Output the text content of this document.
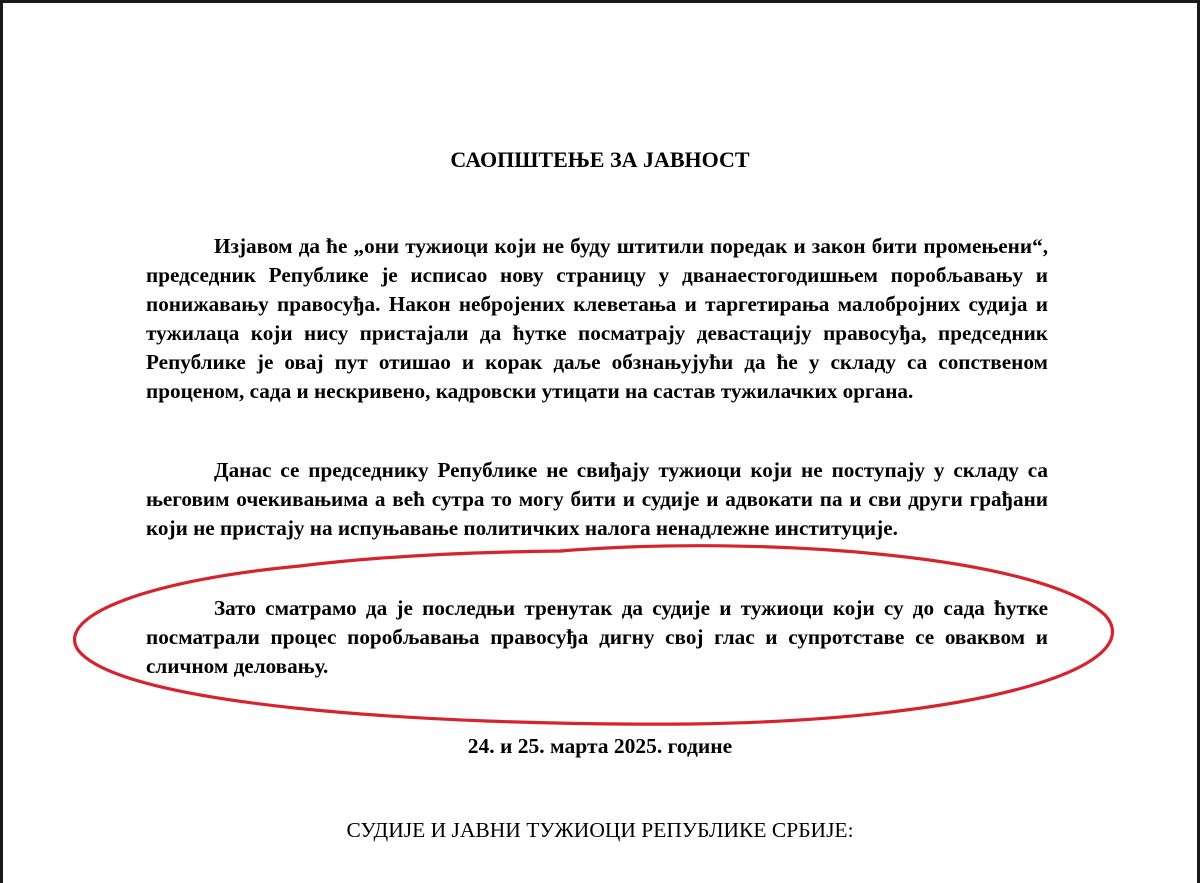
САОПШТЕЊЕ ЗА ЈАВНОСТ

Изјавом да ће „они тужиоци који не буду штитили поредак и закон бити промењени“, председник Републике је исписао нову страницу у дванаестогодишњем поробљавању и понижавању правосуђа. Након небројених клеветања и таргетирања малобројних судија и тужилаца који нису пристајали да ћутке посматрају девастацију правосуђа, председник Републике је овај пут отишао и корак даље обзнањујући да ће у складу са сопственом проценом, сада и нескривено, кадровски утицати на састав тужилачких органа.

Данас се председнику Републике не свиђају тужиоци који не поступају у складу са његовим очекивањима а већ сутра то могу бити и судије и адвокати па и сви други грађани који не пристају на испуњавање политичких налога ненадлежне институције.

Зато сматрамо да је последњи тренутак да судије и тужиоци који су до сада ћутке посматрали процес поробљавања правосуђа дигну свој глас и супротставе се оваквом и сличном деловању.

24. и 25. марта 2025. године
СУДИЈЕ И ЈАВНИ ТУЖИОЦИ РЕПУБЛИКЕ СРБИЈЕ:
